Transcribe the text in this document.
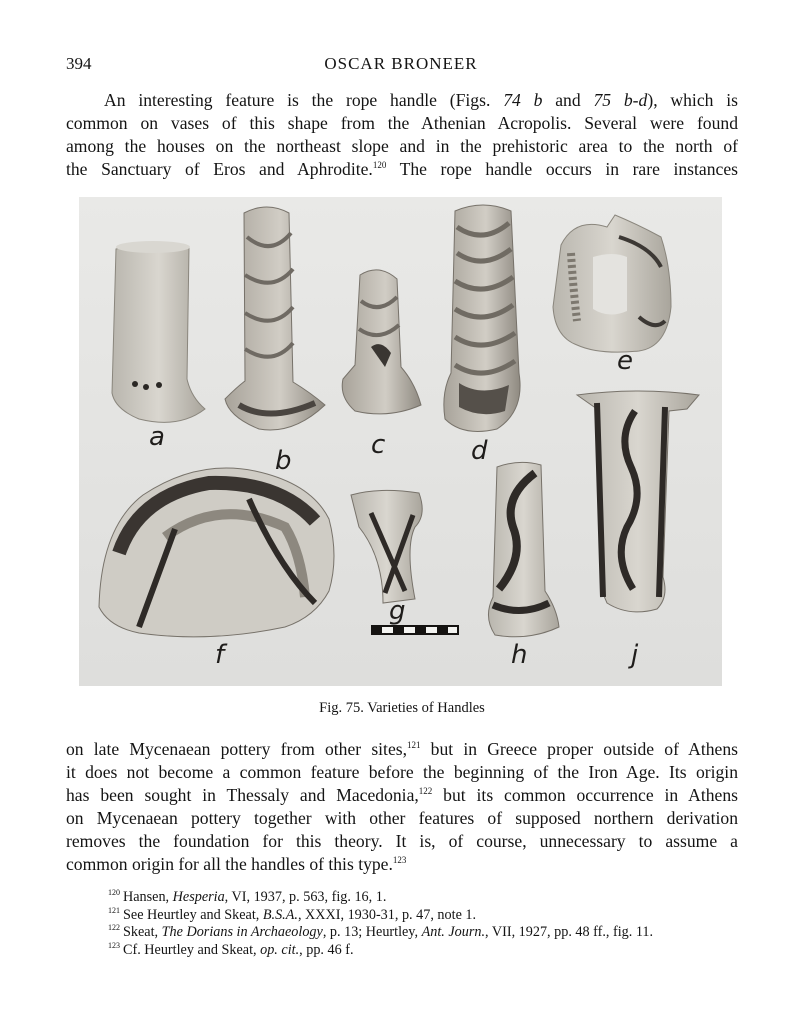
394	OSCAR BRONEER
An interesting feature is the rope handle (Figs. 74 b and 75 b-d), which is
common on vases of this shape from the Athenian Acropolis. Several were found
among the houses on the northeast slope and in the prehistoric area to the north of
the Sanctuary of Eros and Aphrodite.$^{120}$ The rope handle occurs in rare instances
a
b
c	d
e
f
g
h	j
Fig. 75. Varieties of Handles
on late Mycenaean pottery from other sites,$^{121}$ but in Greece proper outside of Athens
it does not become a common feature before the beginning of the Iron Age. Its origin
has been sought in Thessaly and Macedonia,$^{122}$ but its common occurrence in Athens
on Mycenaean pottery together with other features of supposed northern derivation
removes the foundation for this theory. It is, of course, unnecessary to assume a
common origin for all the handles of this type.$^{123}$
$^{120}$ Hansen, Hesperia, VI, 1937, p. 563, fig. 16, 1.
$^{121}$ See Heurtley and Skeat, B.S.A., XXXI, 1930-31, p. 47, note 1.
$^{122}$ Skeat, The Dorians in Archaeology, p. 13; Heurtley, Ant. Journ., VII, 1927, pp. 48 ff., fig. 11.
$^{123}$ Cf. Heurtley and Skeat, op. cit., pp. 46 f.
